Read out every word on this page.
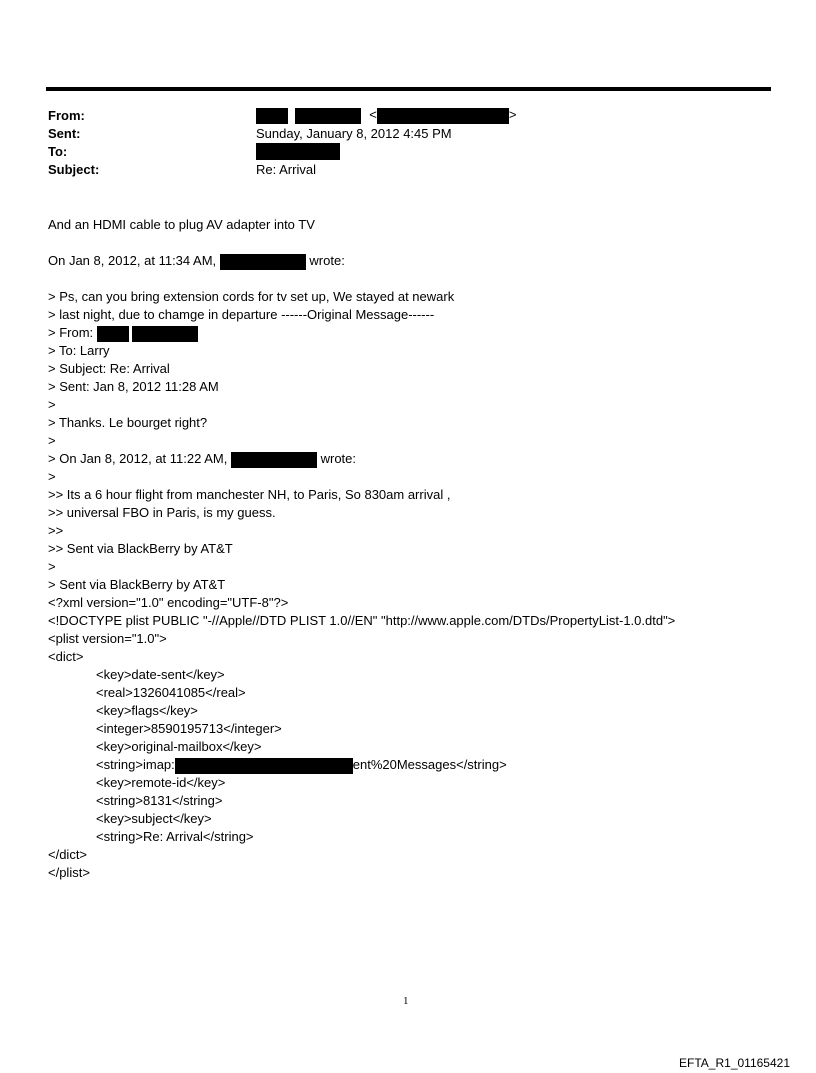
From:	<	>
Sent:	Sunday, January 8, 2012 4:45 PM
To:
Subject:	Re: Arrival
And an HDMI cable to plug AV adapter into TV
On Jan 8, 2012, at 11:34 AM,	wrote:
> Ps, can you bring extension cords for tv set up, We stayed at newark
> last night, due to chamge in departure ------Original Message------
> From:
> To: Larry
> Subject: Re: Arrival
> Sent: Jan 8, 2012 11:28 AM
>
> Thanks. Le bourget right?
>
> On Jan 8, 2012, at 11:22 AM,	wrote:
>
>> Its a 6 hour flight from manchester NH, to Paris, So 830am arrival ,
>> universal FBO in Paris, is my guess.
>>
>> Sent via BlackBerry by AT&T
>
> Sent via BlackBerry by AT&T
<?xml version="1.0" encoding="UTF-8"?>
<!DOCTYPE plist PUBLIC "-//Apple//DTD PLIST 1.0//EN" "http://www.apple.com/DTDs/PropertyList-1.0.dtd">
<plist version="1.0">
<dict>
<key>date-sent</key>
<real>1326041085</real>
<key>flags</key>
<integer>8590195713</integer>
<key>original-mailbox</key>
<string>imap:	ent%20Messages</string>
<key>remote-id</key>
<string>8131</string>
<key>subject</key>
<string>Re: Arrival</string>
</dict>
</plist>
1
EFTA_R1_01165421
